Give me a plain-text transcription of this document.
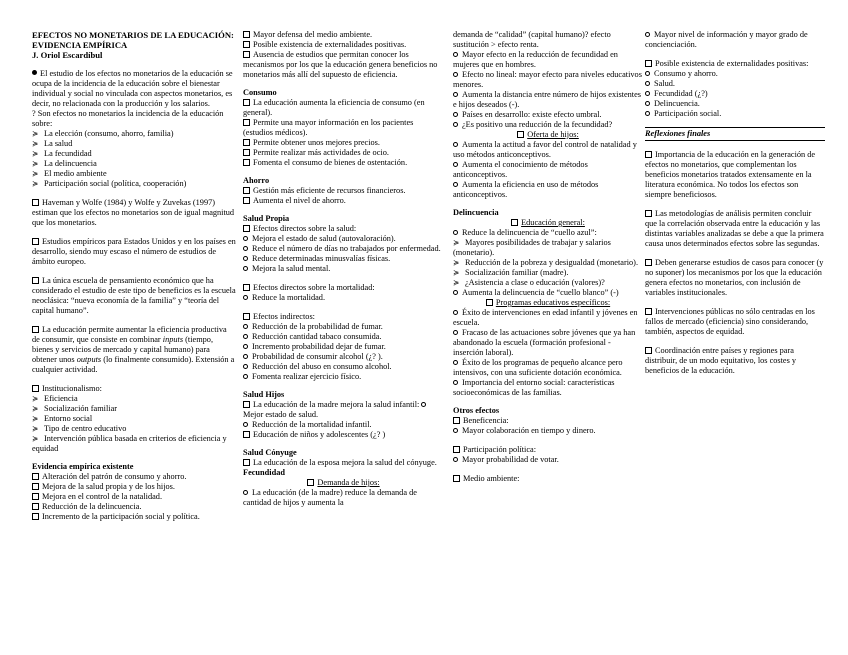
EFECTOS NO MONETARIOS DE LA EDUCACIÓN: EVIDENCIA EMPÍRICA

J. Oriol Escardíbul

El estudio de los efectos no monetarios de la educación se ocupa de la incidencia de la educación sobre el bienestar individual y social no vinculada con aspectos monetarios, es decir, no relacionada con la producción y los salarios.

? Son efectos no monetarios la incidencia de la educación sobre:

≽ La elección (consumo, ahorro, familia)

≽ La salud

≽ La fecundidad

≽ La delincuencia

≽ El medio ambiente

≽ Participación social (política, cooperación)

Haveman y Wolfe (1984) y Wolfe y Zuvekas (1997) estiman que los efectos no monetarios son de igual magnitud que los monetarios.

Estudios empíricos para Estados Unidos y en los países en desarrollo, siendo muy escaso el número de estudios de ámbito europeo.

La única escuela de pensamiento económico que ha considerado el estudio de este tipo de beneficios es la escuela neoclásica: “nueva economía de la familia” y “teoría del capital humano”.

La educación permite aumentar la eficiencia productiva de consumir, que consiste en combinar inputs (tiempo, bienes y servicios de mercado y capital humano) para obtener unos outputs (lo finalmente consumido). Extensión a cualquier actividad.

Institucionalismo:

≽ Eficiencia

≽ Socialización familiar

≽ Entorno social

≽ Tipo de centro educativo

≽ Intervención pública basada en criterios de eficiencia y equidad

Evidencia empírica existente

Alteración del patrón de consumo y ahorro.

Mejora de la salud propia y de los hijos.

Mejora en el control de la natalidad.

Reducción de la delincuencia.

Incremento de la participación social y política.

Mayor defensa del medio ambiente.

Posible existencia de externalidades positivas.

Ausencia de estudios que permitan conocer los mecanismos por los que la educación genera beneficios no monetarios más allí del supuesto de eficiencia.

Consumo

La educación aumenta la eficiencia de consumo (en general).

Permite una mayor información en los pacientes (estudios médicos).

Permite obtener unos mejores precios.

Permite realizar más actividades de ocio.

Fomenta el consumo de bienes de ostentación.

Ahorro

Gestión más eficiente de recursos financieros.

Aumenta el nivel de ahorro.

Salud Propia

Efectos directos sobre la salud:

Mejora el estado de salud (autovaloración).

Reduce el número de días no trabajados por enfermedad.

Reduce determinadas minusvalías físicas.

Mejora la salud mental.

Efectos directos sobre la mortalidad:

Reduce la mortalidad.

Efectos indirectos:

Reducción de la probabilidad de fumar.

Reducción cantidad tabaco consumida.

Incremento probabilidad dejar de fumar.

Probabilidad de consumir alcohol (¿? ).

Reducción del abuso en consumo alcohol.

Fomenta realizar ejercicio físico.

Salud Hijos

La educación de la madre mejora la salud infantil: Mejor estado de salud.

Reducción de la mortalidad infantil.

Educación de niños y adolescentes (¿? )

Salud Cónyuge

La educación de la esposa mejora la salud del cónyuge.

Fecundidad

Demanda de hijos:

La educación (de la madre) reduce la demanda de cantidad de hijos y aumenta la

demanda de “calidad” (capital humano)? efecto sustitución > efecto renta.

Mayor efecto en la reducción de fecundidad en mujeres que en hombres.

Efecto no lineal: mayor efecto para niveles educativos menores.

Aumenta la distancia entre número de hijos existentes e hijos deseados (-).

Países en desarrollo: existe efecto umbral.

¿Es positivo una reducción de la fecundidad?

Oferta de hijos:

Aumenta la actitud a favor del control de natalidad y uso métodos anticonceptivos.

Aumenta el conocimiento de métodos anticonceptivos.

Aumenta la eficiencia en uso de métodos anticonceptivos.

Delincuencia

Educación general:

Reduce la delincuencia de “cuello azul”:

≽ Mayores posibilidades de trabajar y salarios (monetario).

≽ Reducción de la pobreza y desigualdad (monetario).

≽ Socialización familiar (madre).

≽ ¿Asistencia a clase o educación (valores)?

Aumenta la delincuencia de “cuello blanco” (-)

Programas educativos específicos:

Éxito de intervenciones en edad infantil y jóvenes en escuela.

Fracaso de las actuaciones sobre jóvenes que ya han abandonado la escuela (formación profesional - inserción laboral).

Éxito de los programas de pequeño alcance pero intensivos, con una suficiente dotación económica.

Importancia del entorno social: características socioeconómicas de las familias.

Otros efectos

Beneficencia:

Mayor colaboración en tiempo y dinero.

Participación política:

Mayor probabilidad de votar.

Medio ambiente:

Mayor nivel de información y mayor grado de concienciación.

Posible existencia de externalidades positivas:

Consumo y ahorro.

Salud.

Fecundidad (¿?)

Delincuencia.

Participación social.

Reflexiones finales

Importancia de la educación en la generación de efectos no monetarios, que complementan los beneficios monetarios tratados extensamente en la literatura económica. No todos los efectos son siempre beneficiosos.

Las metodologías de análisis permiten concluir que la correlación observada entre la educación y las distintas variables analizadas se debe a que la primera causa unos determinados efectos sobre las segundas.

Deben generarse estudios de casos para conocer (y no suponer) los mecanismos por los que la educación genera efectos no monetarios, con inclusión de variables institucionales.

Intervenciones públicas no sólo centradas en los fallos de mercado (eficiencia) sino considerando, también, aspectos de equidad.

Coordinación entre países y regiones para distribuir, de un modo equitativo, los costes y beneficios de la educación.
